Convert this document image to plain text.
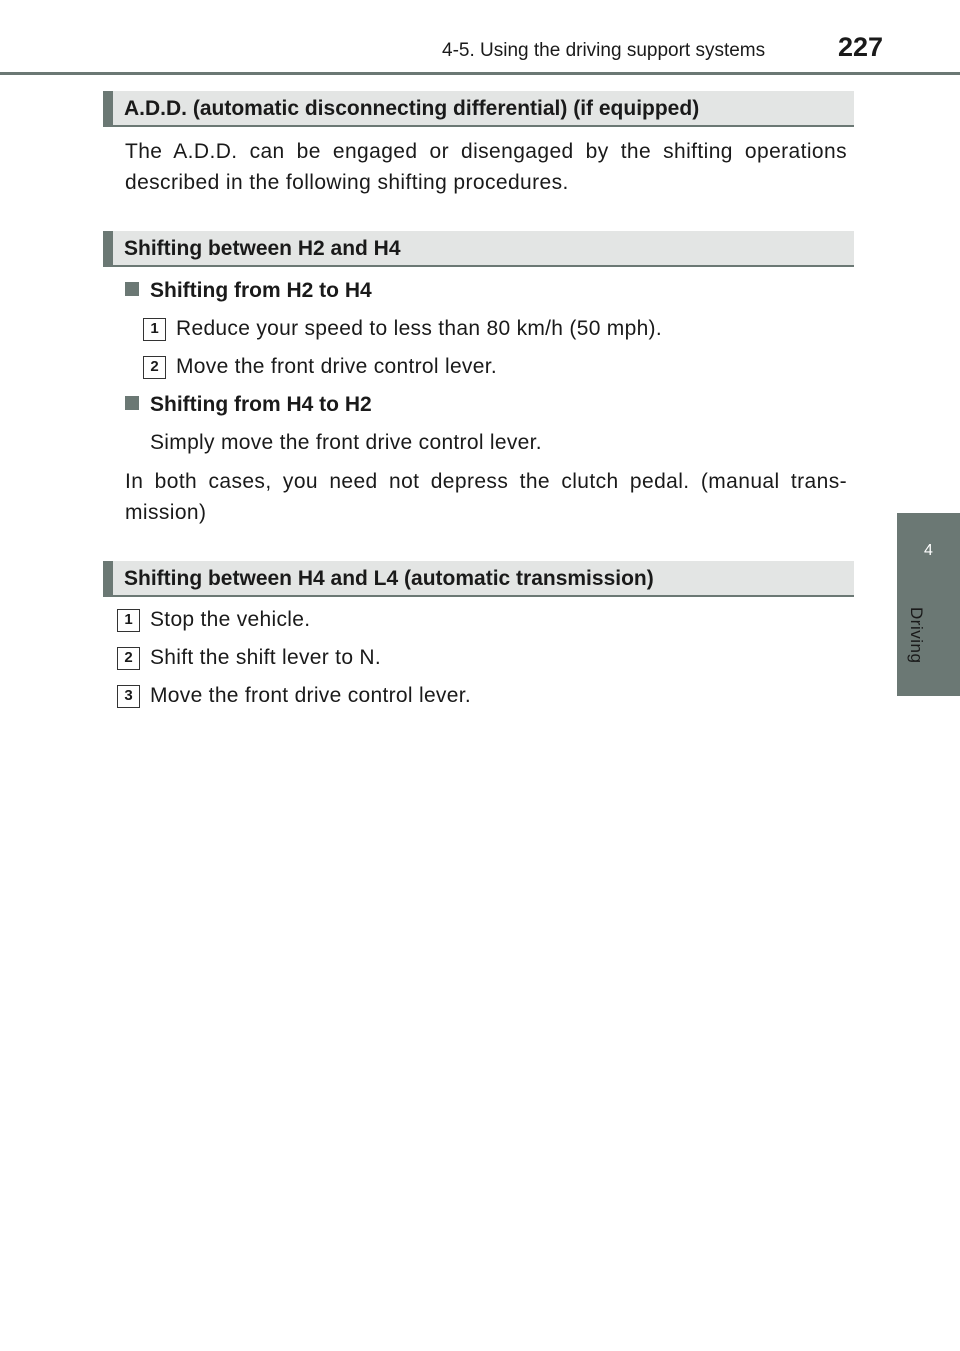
4-5. Using the driving support systems	227
4
Driving
A.D.D. (automatic disconnecting differential) (if equipped)
The A.D.D. can be engaged or disengaged by the shifting operations described in the following shifting procedures.
Shifting between H2 and H4
Shifting from H2 to H4
1 Reduce your speed to less than 80 km/h (50 mph).
2 Move the front drive control lever.
Shifting from H4 to H2
Simply move the front drive control lever.
In both cases, you need not depress the clutch pedal. (manual trans-mission)
Shifting between H4 and L4 (automatic transmission)
1 Stop the vehicle.
2 Shift the shift lever to N.
3 Move the front drive control lever.
